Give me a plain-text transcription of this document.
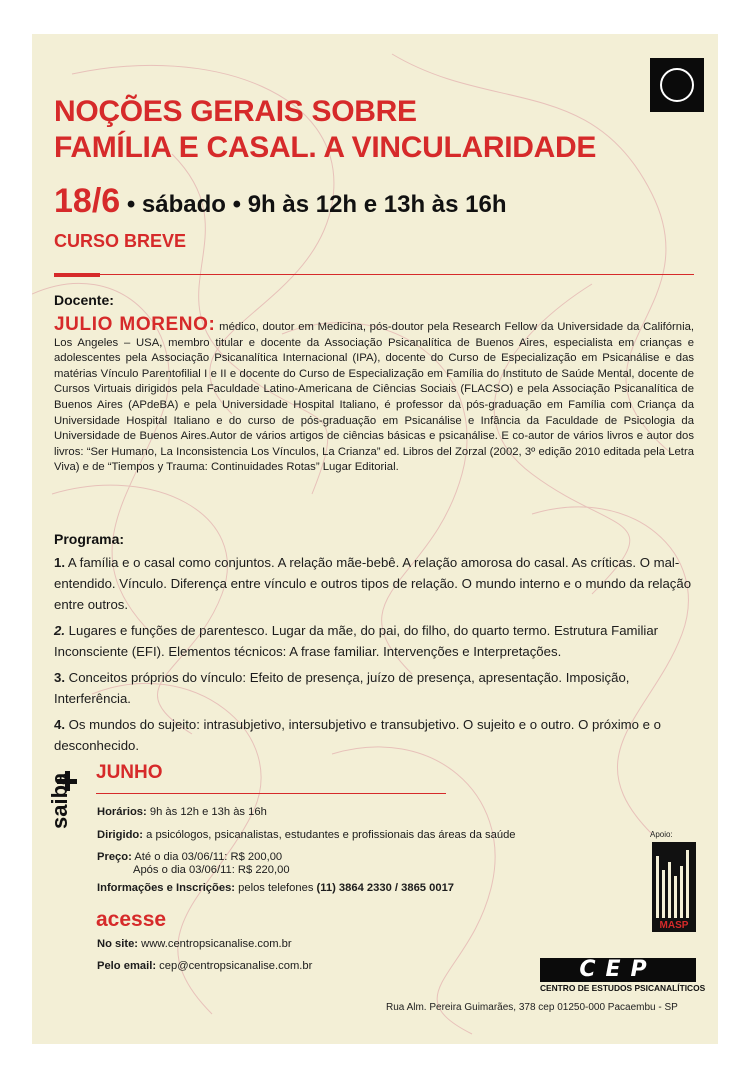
NOÇÕES GERAIS SOBRE
FAMÍLIA E CASAL. A VINCULARIDADE
18/6 • sábado • 9h às 12h e 13h às 16h
CURSO BREVE
Docente:
JULIO MORENO: médico, doutor em Medicina, pós-doutor pela Research Fellow da Universidade da Califórnia, Los Angeles – USA, membro titular e docente da Associação Psicanalítica de Buenos Aires, especialista em crianças e adolescentes pela Associação Psicanalítica Internacional (IPA), docente do Curso de Especialização em Psicanálise e das matérias Vínculo Parentofilial I e II e docente do Curso de Especialização em Família do Instituto de Saúde Mental, docente de Cursos Virtuais dirigidos pela Faculdade Latino-Americana de Ciências Sociais (FLACSO) e pela Associação Psicanalítica de Buenos Aires (APdeBA) e pela Universidade Hospital Italiano, é professor da pós-graduação em Família com Criança da Universidade Hospital Italiano e do curso de pós-graduação em Psicanálise e Infância da Faculdade de Psicologia da Universidade de Buenos Aires.Autor de vários artigos de ciências básicas e psicanálise. E co-autor de vários livros e autor dos livros: “Ser Humano, La Inconsistencia Los Vínculos, La Crianza” ed. Libros del Zorzal (2002, 3º edição 2010 editada pela Letra Viva) e de “Tiempos y Trauma: Continuidades Rotas” Lugar Editorial.
Programa:

1. A família e o casal como conjuntos. A relação mãe-bebê. A relação amorosa do casal. As críticas. O mal-entendido. Vínculo. Diferença entre vínculo e outros tipos de relação. O mundo interno e o mundo da relação entre outros.

2. Lugares e funções de parentesco. Lugar da mãe, do pai, do filho, do quarto termo. Estrutura Familiar Inconsciente (EFI). Elementos técnicos: A frase familiar. Intervenções e Interpretações.

3. Conceitos próprios do vínculo: Efeito de presença, juízo de presença, apresentação. Imposição, Interferência.

4. Os mundos do sujeito: intrasubjetivo, intersubjetivo e transubjetivo. O sujeito e o outro. O próximo e o desconhecido.

saiba
JUNHO
Horários: 9h às 12h e 13h às 16h
Dirigido: a psicólogos, psicanalistas, estudantes e profissionais das áreas da saúde
Preço: Até o dia 03/06/11: R$ 200,00
Após o dia 03/06/11: R$ 220,00
Informações e Inscrições: pelos telefones (11) 3864 2330 / 3865 0017
acesse
No site: www.centropsicanalise.com.br
Pelo email: cep@centropsicanalise.com.br
Apoio:
MASP
CEP
CENTRO DE ESTUDOS PSICANALÍTICOS
Rua Alm. Pereira Guimarães, 378 cep 01250-000 Pacaembu - SP
